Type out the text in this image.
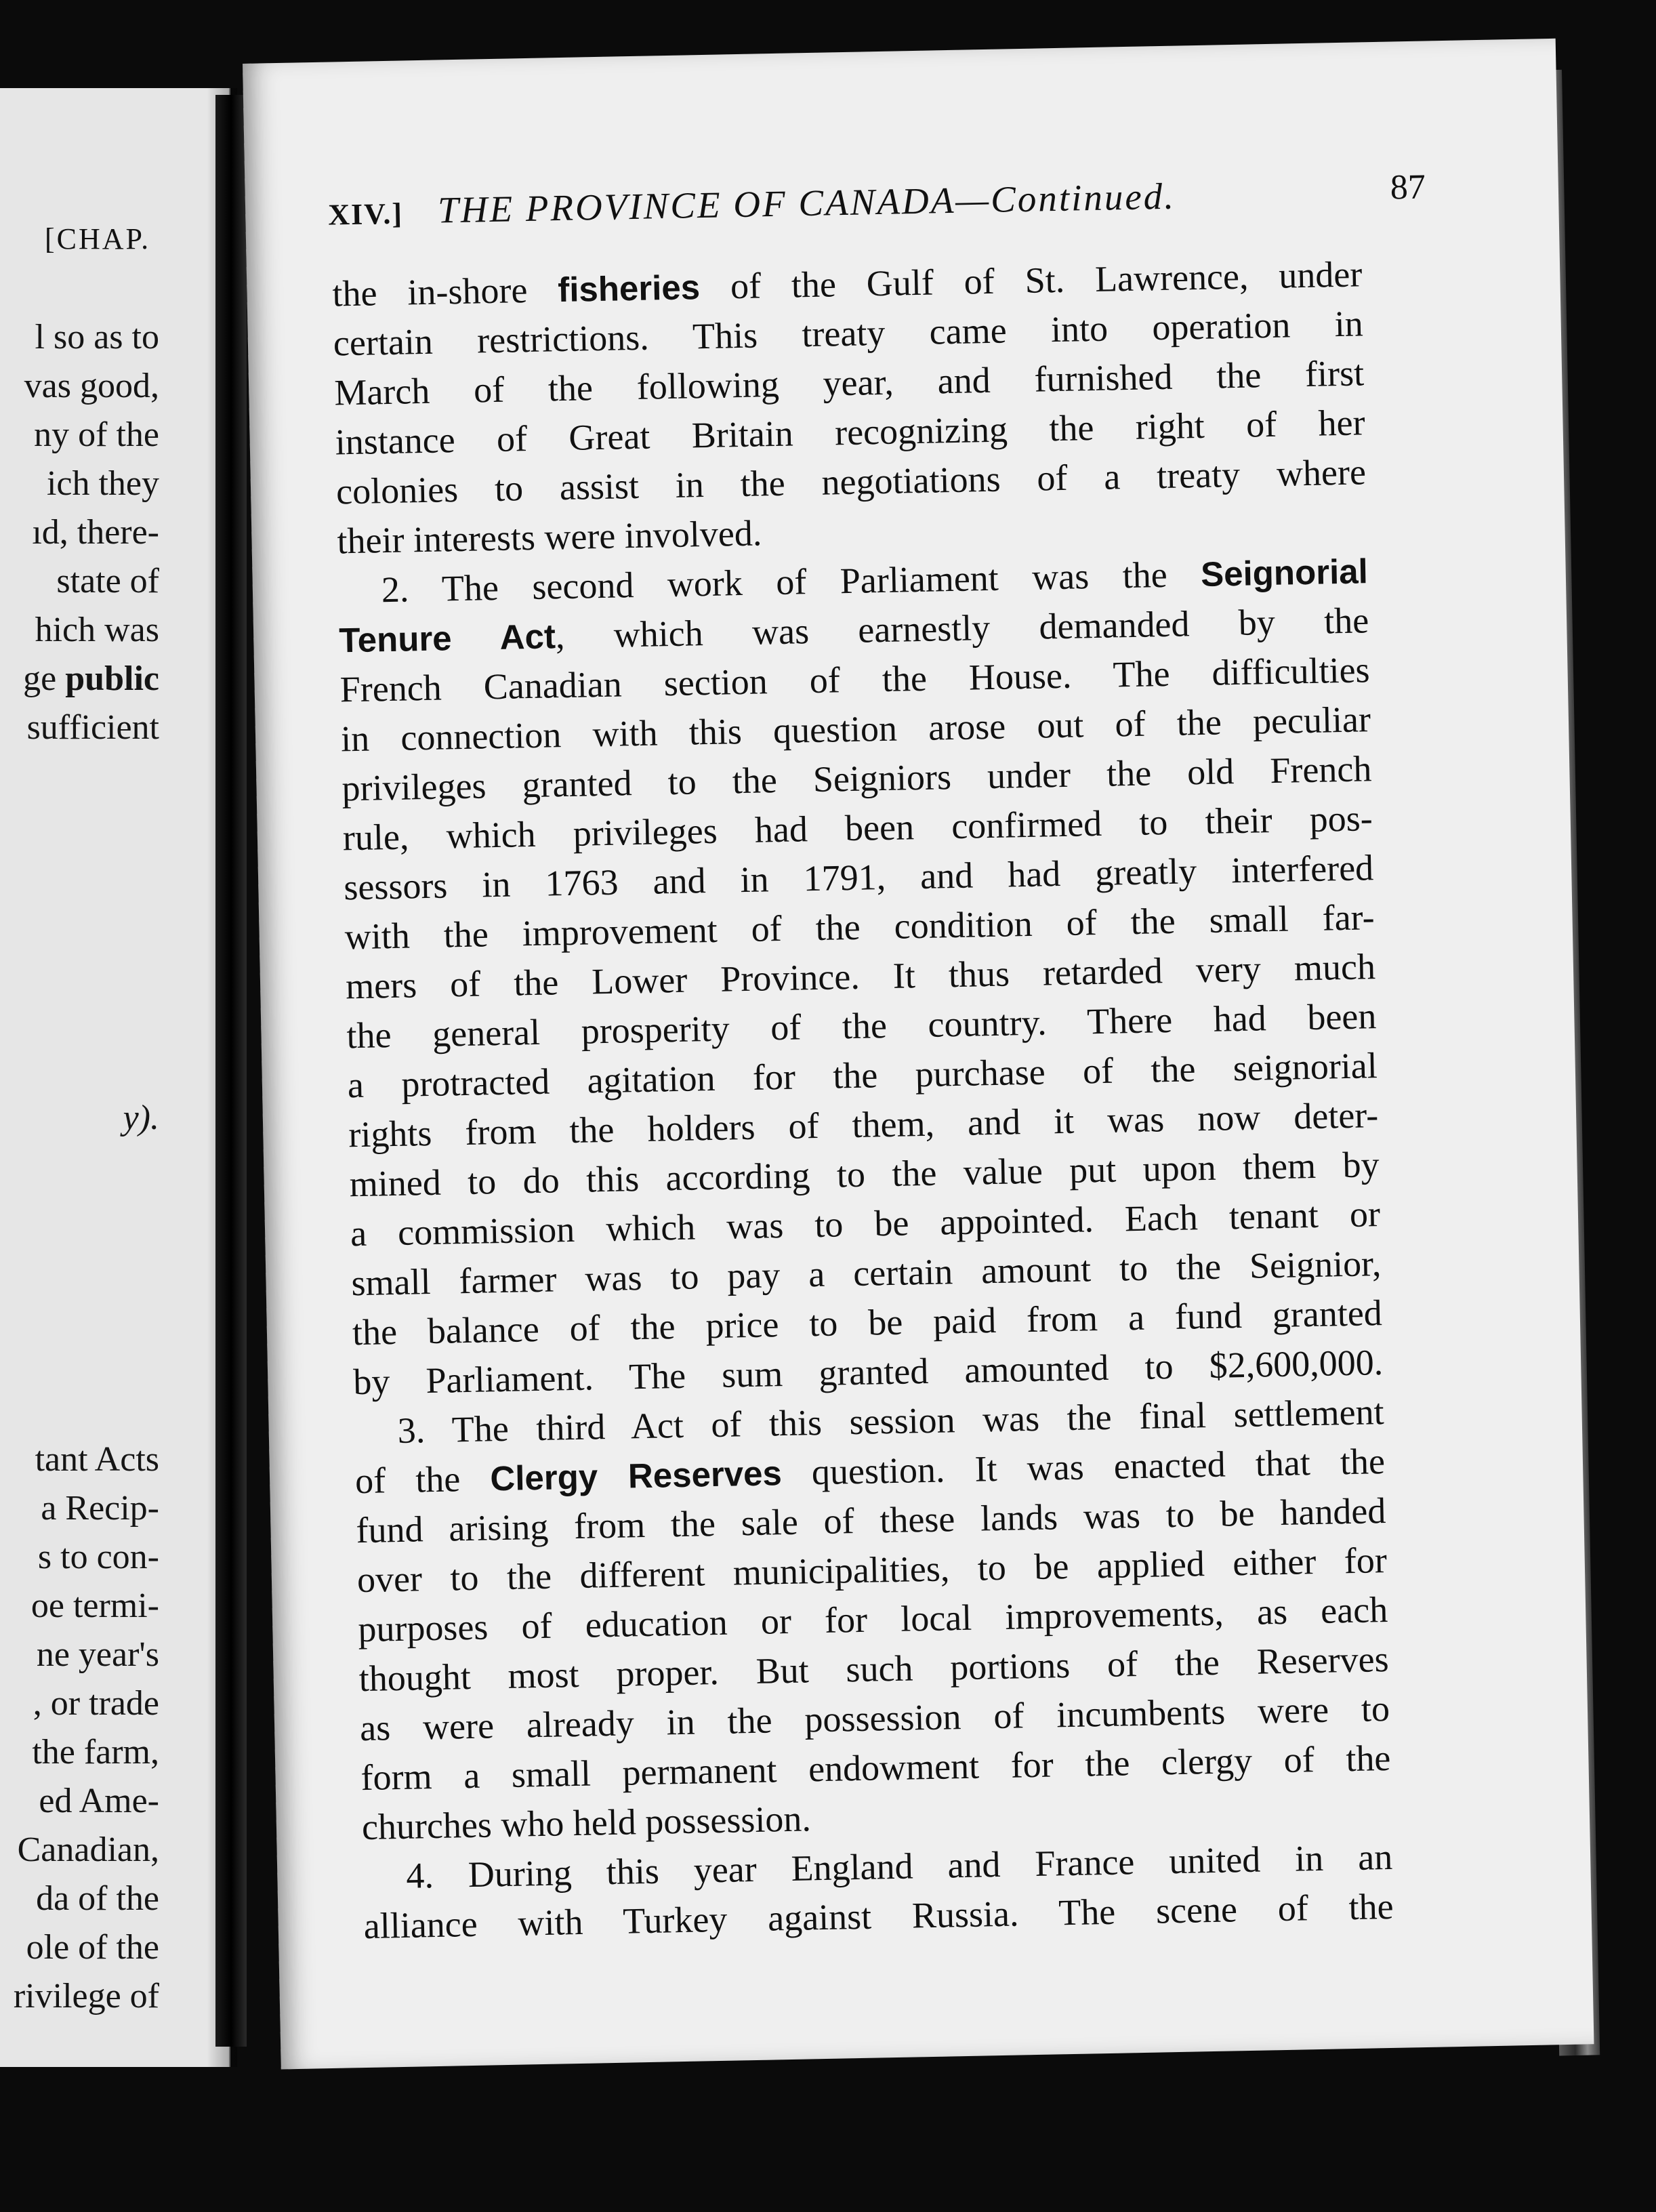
[CHAP.
l so as to
vas good,
ny of the
ich they
ıd, there-
state of
hich was
ge public
sufficient
y).
tant Acts
a Recip-
s to con-
oe termi-
ne year's
, or trade
the farm,
ed Ame-
Canadian,
da of the
ole of the
rivilege of
XIV.] THE PROVINCE OF CANADA—Continued.	87
the in-shore fisheries of the Gulf of St. Lawrence, under
certain restrictions. This treaty came into operation in
March of the following year, and furnished the first
instance of Great Britain recognizing the right of her
colonies to assist in the negotiations of a treaty where
their interests were involved.
2. The second work of Parliament was the Seignorial
Tenure Act, which was earnestly demanded by the
French Canadian section of the House. The difficulties
in connection with this question arose out of the peculiar
privileges granted to the Seigniors under the old French
rule, which privileges had been confirmed to their pos-
sessors in 1763 and in 1791, and had greatly interfered
with the improvement of the condition of the small far-
mers of the Lower Province. It thus retarded very much
the general prosperity of the country. There had been
a protracted agitation for the purchase of the seignorial
rights from the holders of them, and it was now deter-
mined to do this according to the value put upon them by
a commission which was to be appointed. Each tenant or
small farmer was to pay a certain amount to the Seignior,
the balance of the price to be paid from a fund granted
by Parliament. The sum granted amounted to $2,600,000.
3. The third Act of this session was the final settlement
of the Clergy Reserves question. It was enacted that the
fund arising from the sale of these lands was to be handed
over to the different municipalities, to be applied either for
purposes of education or for local improvements, as each
thought most proper. But such portions of the Reserves
as were already in the possession of incumbents were to
form a small permanent endowment for the clergy of the
churches who held possession.
4. During this year England and France united in an
alliance with Turkey against Russia. The scene of the
